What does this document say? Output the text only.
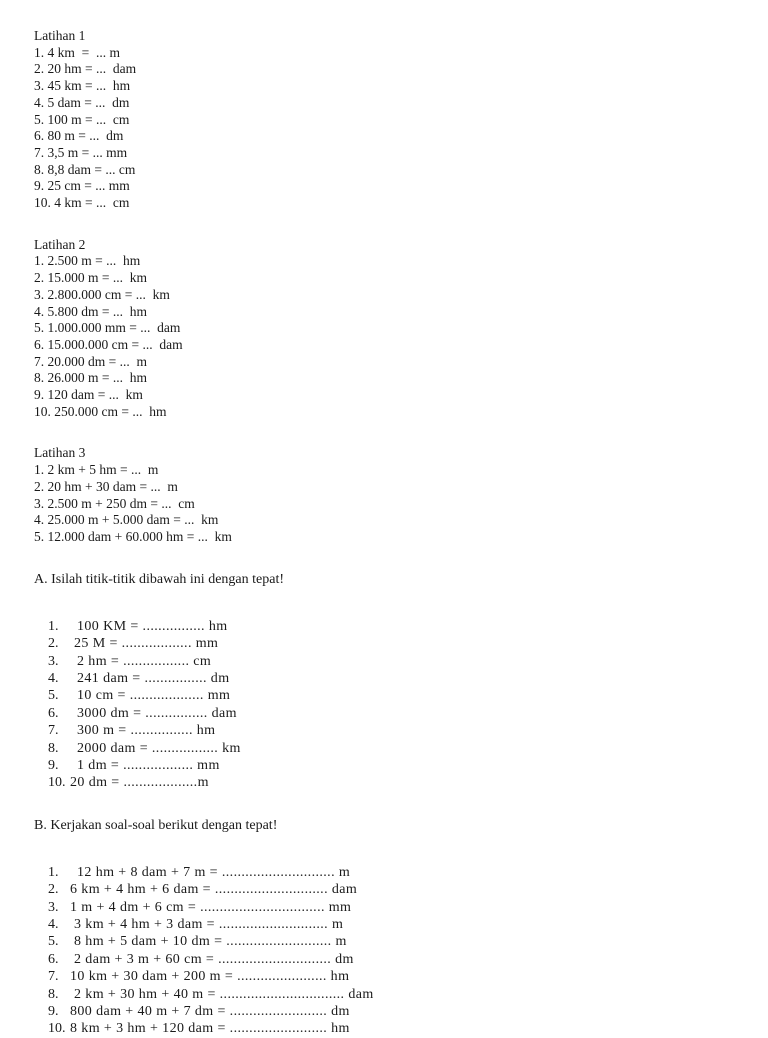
Latihan 1
1. 4 km  =  ... m
2. 20 hm = ...  dam
3. 45 km = ...  hm
4. 5 dam = ...  dm
5. 100 m = ...  cm
6. 80 m = ...  dm
7. 3,5 m = ... mm
8. 8,8 dam = ... cm
9. 25 cm = ... mm
10. 4 km = ...  cm
Latihan 2
1. 2.500 m = ...  hm
2. 15.000 m = ...  km
3. 2.800.000 cm = ...  km
4. 5.800 dm = ...  hm
5. 1.000.000 mm = ...  dam
6. 15.000.000 cm = ...  dam
7. 20.000 dm = ...  m
8. 26.000 m = ...  hm
9. 120 dam = ...  km
10. 250.000 cm = ...  hm
Latihan 3
1. 2 km + 5 hm = ...  m
2. 20 hm + 30 dam = ...  m
3. 2.500 m + 250 dm = ...  cm
4. 25.000 m + 5.000 dam = ...  km
5. 12.000 dam + 60.000 hm = ...  km
A. Isilah titik-titik dibawah ini dengan tepat!
1. 100 KM = ................ hm
2. 25 M = .................. mm
3. 2 hm = ................. cm
4. 241 dam = ................ dm
5. 10 cm = ................... mm
6. 3000 dm = ................ dam
7. 300 m = ................ hm
8. 2000 dam = ................. km
9. 1 dm = .................. mm
10. 20 dm = ...................m
B. Kerjakan soal-soal berikut dengan tepat!
1. 12 hm + 8 dam + 7 m = ............................. m
2. 6 km + 4 hm + 6 dam = ............................. dam
3. 1 m + 4 dm + 6 cm = ................................ mm
4. 3 km + 4 hm + 3 dam = ............................ m
5. 8 hm + 5 dam + 10 dm = ........................... m
6. 2 dam + 3 m + 60 cm = ............................. dm
7. 10 km + 30 dam + 200 m = ....................... hm
8. 2 km + 30 hm + 40 m = ................................ dam
9. 800 dam + 40 m + 7 dm = ......................... dm
10. 8 km + 3 hm + 120 dam = ......................... hm
